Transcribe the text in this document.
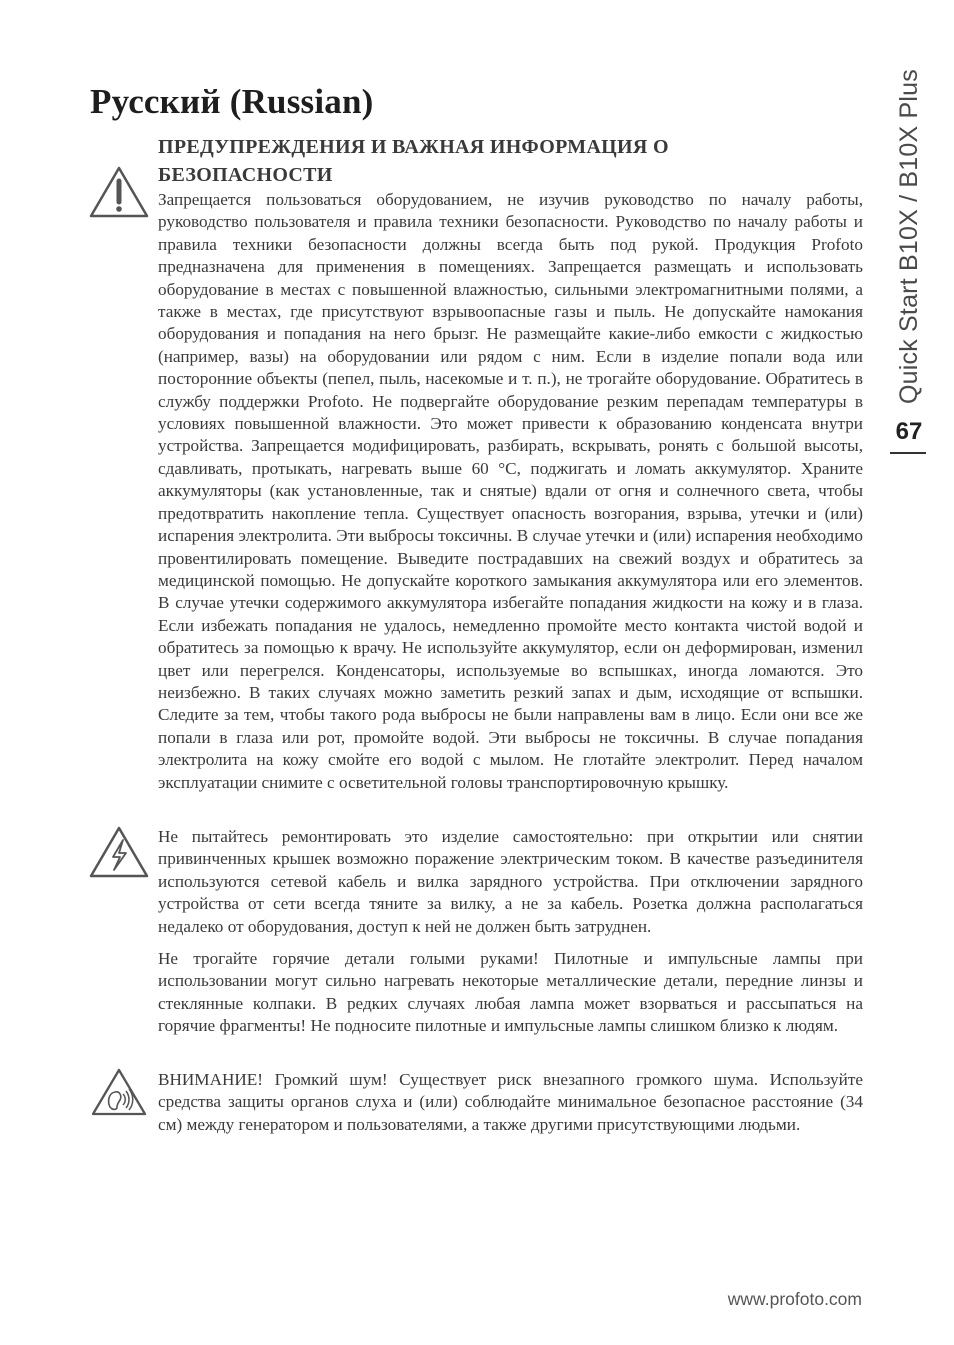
Русский (Russian)
ПРЕДУПРЕЖДЕНИЯ И ВАЖНАЯ ИНФОРМАЦИЯ О
БЕЗОПАСНОСТИ

Запрещается пользоваться оборудованием, не изучив руководство по началу работы, руководство пользователя и правила техники безопасности. Руководство по началу работы и правила техники безопасности должны всегда быть под рукой. Продукция Profoto предназначена для применения в помещениях. Запрещается размещать и использовать оборудование в местах с повышенной влажностью, сильными электромагнитными полями, а также в местах, где присутствуют взрывоопасные газы и пыль. Не допускайте намокания оборудования и попадания на него брызг. Не размещайте какие-либо емкости с жидкостью (например, вазы) на оборудовании или рядом с ним. Если в изделие попали вода или посторонние объекты (пепел, пыль, насекомые и т. п.), не трогайте оборудование. Обратитесь в службу поддержки Profoto. Не подвергайте оборудование резким перепадам температуры в условиях повышенной влажности. Это может привести к образованию конденсата внутри устройства. Запрещается модифицировать, разбирать, вскрывать, ронять с большой высоты, сдавливать, протыкать, нагревать выше 60 °C, поджигать и ломать аккумулятор. Храните аккумуляторы (как установленные, так и снятые) вдали от огня и солнечного света, чтобы предотвратить накопление тепла. Существует опасность возгорания, взрыва, утечки и (или) испарения электролита. Эти выбросы токсичны. В случае утечки и (или) испарения необходимо провентилировать помещение. Выведите пострадавших на свежий воздух и обратитесь за медицинской помощью. Не допускайте короткого замыкания аккумулятора или его элементов. В случае утечки содержимого аккумулятора избегайте попадания жидкости на кожу и в глаза. Если избежать попадания не удалось, немедленно промойте место контакта чистой водой и обратитесь за помощью к врачу. Не используйте аккумулятор, если он деформирован, изменил цвет или перегрелся. Конденсаторы, используемые во вспышках, иногда ломаются. Это неизбежно. В таких случаях можно заметить резкий запах и дым, исходящие от вспышки. Следите за тем, чтобы такого рода выбросы не были направлены вам в лицо. Если они все же попали в глаза или рот, промойте водой. Эти выбросы не токсичны. В случае попадания электролита на кожу смойте его водой с мылом. Не глотайте электролит. Перед началом эксплуатации снимите с осветительной головы транспортировочную крышку.

Не пытайтесь ремонтировать это изделие самостоятельно: при открытии или снятии привинченных крышек возможно поражение электрическим током. В качестве разъединителя используются сетевой кабель и вилка зарядного устройства. При отключении зарядного устройства от сети всегда тяните за вилку, а не за кабель. Розетка должна располагаться недалеко от оборудования, доступ к ней не должен быть затруднен.

Не трогайте горячие детали голыми руками! Пилотные и импульсные лампы при использовании могут сильно нагревать некоторые металлические детали, передние линзы и стеклянные колпаки. В редких случаях любая лампа может взорваться и рассыпаться на горячие фрагменты! Не подносите пилотные и импульсные лампы слишком близко к людям.

ВНИМАНИЕ! Громкий шум! Существует риск внезапного громкого шума. Используйте средства защиты органов слуха и (или) соблюдайте минимальное безопасное расстояние (34 см) между генератором и пользователями, а также другими присутствующими людьми.

Quick Start B10X / B10X Plus
67
www.profoto.com
